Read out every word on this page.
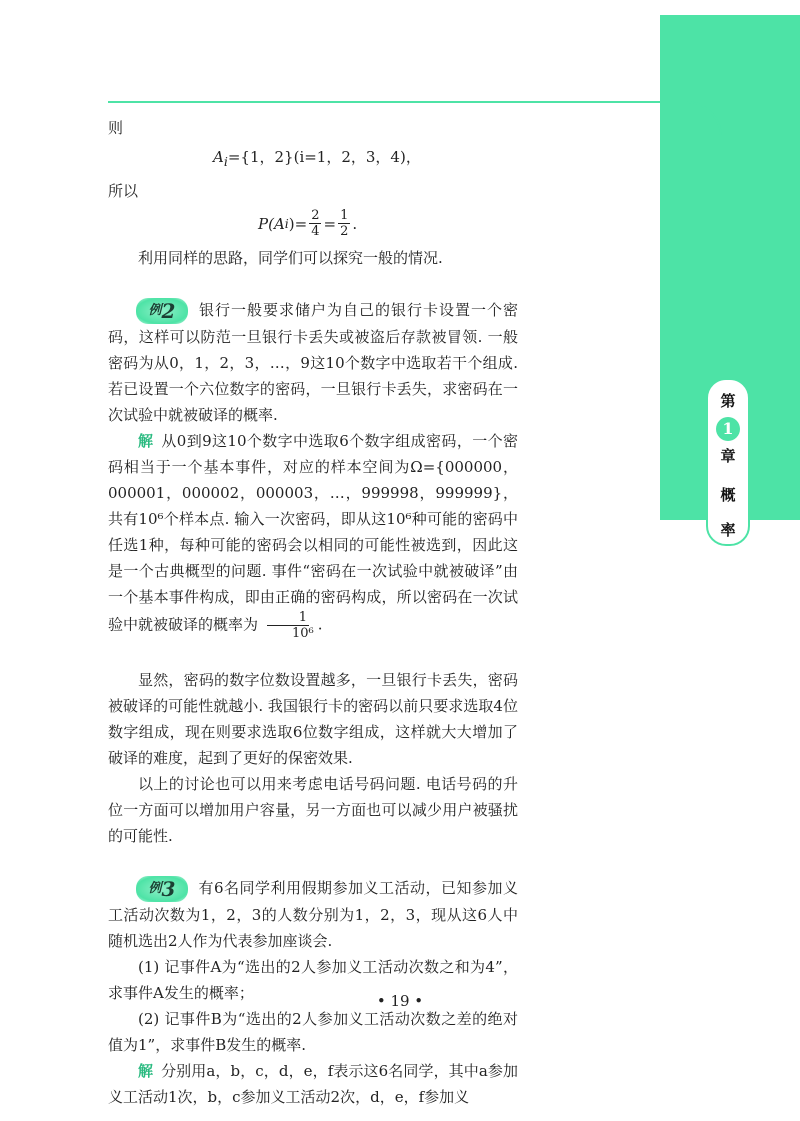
第
1
章
概
率

则

$A_i=\{1$，2}(i=1，2，3，4)，

所以

P(A i )= $\frac{2}{4} = \frac{1}{2}$ .

利用同样的思路，同学们可以探究一般的情况.

例 2 银行一般要求储户为自己的银行卡设置一个密码，这样可以防范一旦银行卡丢失或被盗后存款被冒领. 一般密码为从0，1，2，3，…，9这10个数字中选取若干个组成. 若已设置一个六位数字的密码，一旦银行卡丢失，求密码在一次试验中就被破译的概率.

解 从0到9这10个数字中选取6个数字组成密码，一个密码相当于一个基本事件，对应的样本空间为Ω={000000，000001，000002，000003，…，999998，999999}，共有10⁶个样本点. 输入一次密码，即从这10⁶种可能的密码中任选1种，每种可能的密码会以相同的可能性被选到，因此这是一个古典概型的问题. 事件“密码在一次试验中就被破译”由一个基本事件构成，即由正确的密码构成，所以密码在一次试验中就被破译的概率为 $\frac{1}{\text{10⁶}}$ .

显然，密码的数字位数设置越多，一旦银行卡丢失，密码被破译的可能性就越小. 我国银行卡的密码以前只要求选取4位数字组成，现在则要求选取6位数字组成，这样就大大增加了破译的难度，起到了更好的保密效果.

以上的讨论也可以用来考虑电话号码问题. 电话号码的升位一方面可以增加用户容量，另一方面也可以减少用户被骚扰的可能性.

例 3 有6名同学利用假期参加义工活动，已知参加义工活动次数为1，2，3的人数分别为1，2，3，现从这6人中随机选出2人作为代表参加座谈会.

(1) 记事件A为“选出的2人参加义工活动次数之和为4”，求事件A发生的概率；

(2) 记事件B为“选出的2人参加义工活动次数之差的绝对值为1”，求事件B发生的概率.

解 分别用a，b，c，d，e，f表示这6名同学，其中a参加义工活动1次，b，c参加义工活动2次，d，e，f参加义

• 19 •
